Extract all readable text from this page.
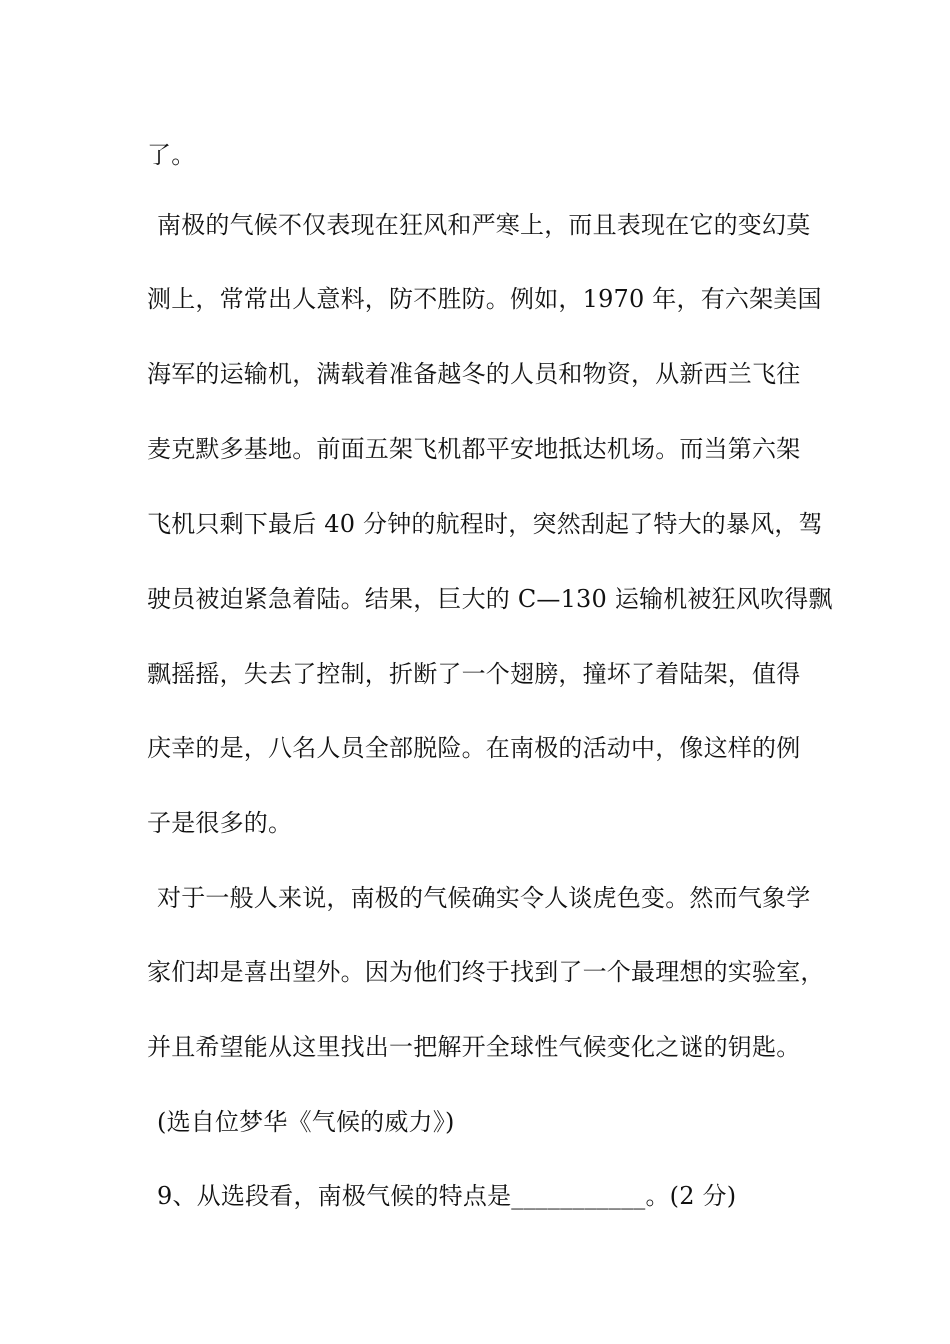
了。
南极的气候不仅表现在狂风和严寒上，而且表现在它的变幻莫
测上，常常出人意料，防不胜防。例如，1970 年，有六架美国
海军的运输机，满载着准备越冬的人员和物资，从新西兰飞往
麦克默多基地。前面五架飞机都平安地抵达机场。而当第六架
飞机只剩下最后 40 分钟的航程时，突然刮起了特大的暴风，驾
驶员被迫紧急着陆。结果，巨大的 C—130 运输机被狂风吹得飘
飘摇摇，失去了控制，折断了一个翅膀，撞坏了着陆架，值得
庆幸的是，八名人员全部脱险。在南极的活动中，像这样的例
子是很多的。
对于一般人来说，南极的气候确实令人谈虎色变。然而气象学
家们却是喜出望外。因为他们终于找到了一个最理想的实验室，
并且希望能从这里找出一把解开全球性气候变化之谜的钥匙。
(选自位梦华《气候的威力》)
9、从选段看，南极气候的特点是___________。(2 分)
